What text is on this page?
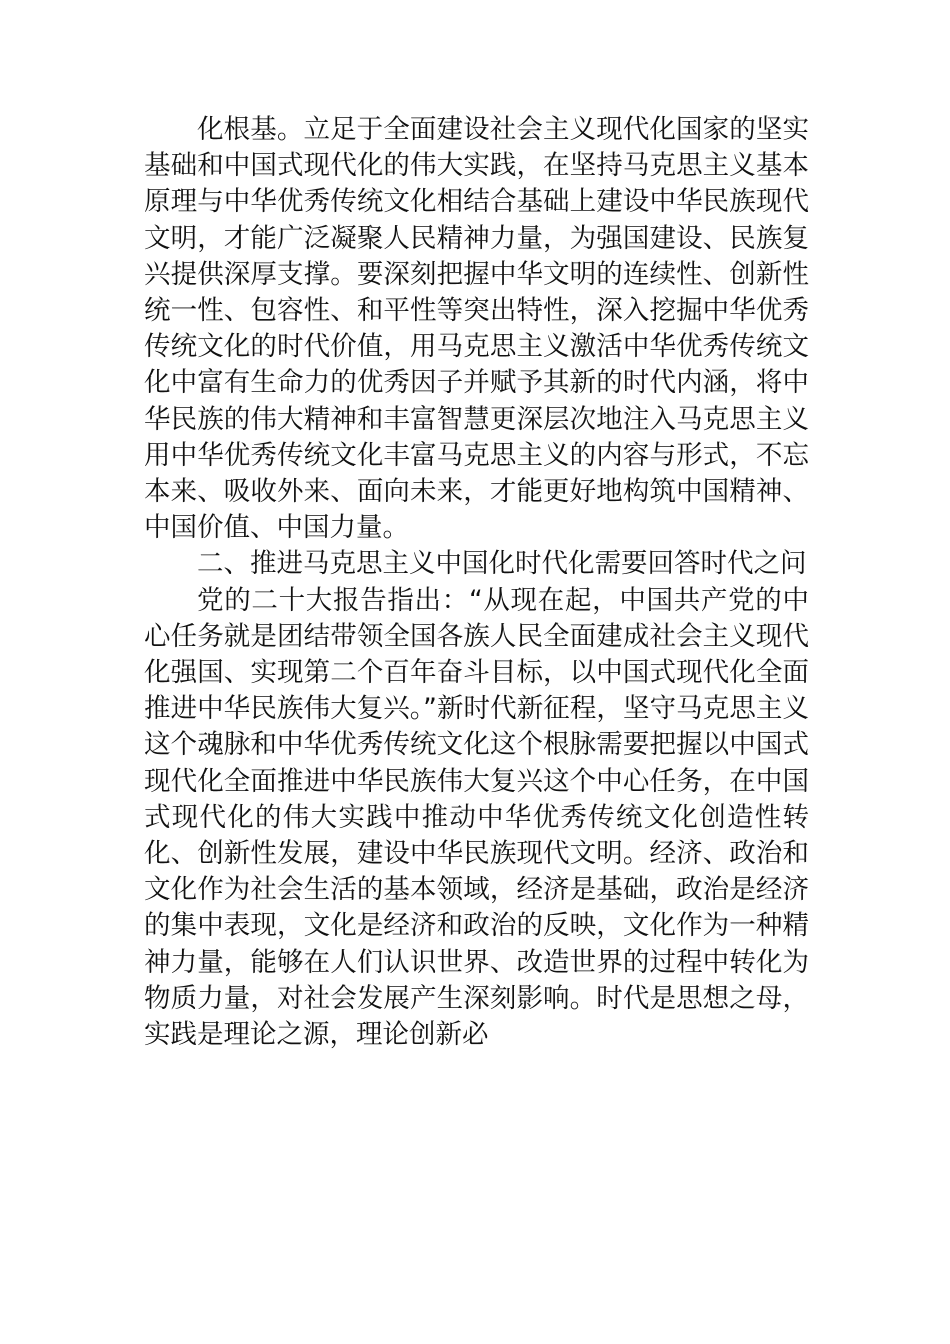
化根基。立足于全面建设社会主义现代化国家的坚实基础和中国式现代化的伟大实践，在坚持马克思主义基本原理与中华优秀传统文化相结合基础上建设中华民族现代文明，才能广泛凝聚人民精神力量，为强国建设、民族复兴提供深厚支撑。要深刻把握中华文明的连续性、创新性统一性、包容性、和平性等突出特性，深入挖掘中华优秀传统文化的时代价值，用马克思主义激活中华优秀传统文化中富有生命力的优秀因子并赋予其新的时代内涵，将中华民族的伟大精神和丰富智慧更深层次地注入马克思主义用中华优秀传统文化丰富马克思主义的内容与形式，不忘本来、吸收外来、面向未来，才能更好地构筑中国精神、中国价值、中国力量。

二、推进马克思主义中国化时代化需要回答时代之问

党的二十大报告指出：“从现在起，中国共产党的中心任务就是团结带领全国各族人民全面建成社会主义现代化强国、实现第二个百年奋斗目标，以中国式现代化全面推进中华民族伟大复兴。”新时代新征程，坚守马克思主义这个魂脉和中华优秀传统文化这个根脉需要把握以中国式现代化全面推进中华民族伟大复兴这个中心任务，在中国式现代化的伟大实践中推动中华优秀传统文化创造性转化、创新性发展，建设中华民族现代文明。经济、政治和文化作为社会生活的基本领域，经济是基础，政治是经济的集中表现，文化是经济和政治的反映，文化作为一种精神力量，能够在人们认识世界、改造世界的过程中转化为物质力量，对社会发展产生深刻影响。时代是思想之母，实践是理论之源，理论创新必
